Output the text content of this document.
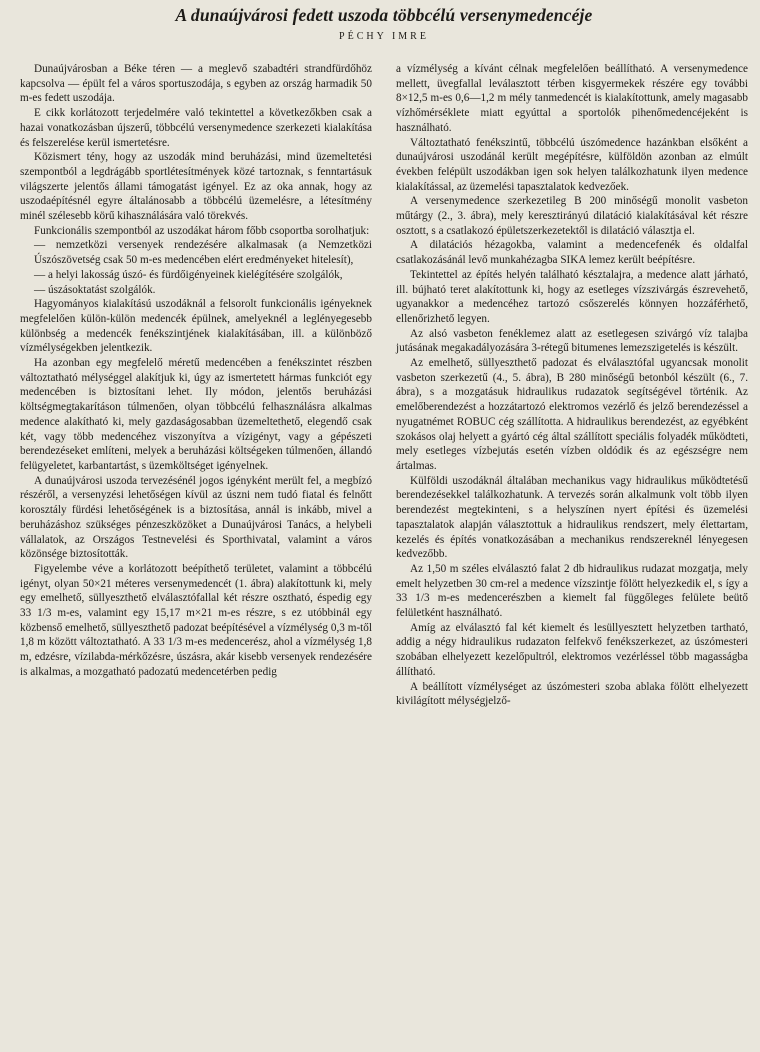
A dunaújvárosi fedett uszoda többcélú versenymedencéje
PÉCHY IMRE

Dunaújvárosban a Béke téren — a meglevő szabadtéri strandfürdőhöz kapcsolva — épült fel a város sportuszodája, s egyben az ország harmadik 50 m-es fedett uszodája.

E cikk korlátozott terjedelmére való tekintettel a következőkben csak a hazai vonatkozásban újszerű, többcélú versenymedence szerkezeti kialakítása és felszerelése kerül ismertetésre.

Közismert tény, hogy az uszodák mind beruházási, mind üzemeltetési szempontból a legdrágább sportlétesítmények közé tartoznak, s fenntartásuk világszerte jelentős állami támogatást igényel. Ez az oka annak, hogy az uszodaépítésnél egyre általánosabb a többcélú üzemelésre, a létesítmény minél szélesebb körű kihasználására való törekvés.

Funkcionális szempontból az uszodákat három főbb csoportba sorolhatjuk:

— nemzetközi versenyek rendezésére alkalmasak (a Nemzetközi Úszószövetség csak 50 m-es medencében elért eredményeket hitelesít),

— a helyi lakosság úszó- és fürdőigényeinek kielégítésére szolgálók,

— úszásoktatást szolgálók.

Hagyományos kialakítású uszodáknál a felsorolt funkcionális igényeknek megfelelően külön-külön medencék épülnek, amelyeknél a leglényegesebb különbség a medencék fenékszintjének kialakításában, ill. a különböző vízmélységekben jelentkezik.

Ha azonban egy megfelelő méretű medencében a fenékszintet részben változtatható mélységgel alakítjuk ki, úgy az ismertetett hármas funkciót egy medencében is biztosítani lehet. Ily módon, jelentős beruházási költségmegtakarításon túlmenően, olyan többcélú felhasználásra alkalmas medence alakítható ki, mely gazdaságosabban üzemeltethető, elegendő csak két, vagy több medencéhez viszonyítva a vízigényt, vagy a gépészeti berendezéseket említeni, melyek a beruházási költségeken túlmenően, állandó felügyeletet, karbantartást, s üzemköltséget igényelnek.

A dunaújvárosi uszoda tervezésénél jogos igényként merült fel, a megbízó részéről, a versenyzési lehetőségen kívül az úszni nem tudó fiatal és felnőtt korosztály fürdési lehetőségének is a biztosítása, annál is inkább, mivel a beruházáshoz szükséges pénzeszközöket a Dunaújvárosi Tanács, a helybeli vállalatok, az Országos Testnevelési és Sporthivatal, valamint a város közönsége biztosították.

Figyelembe véve a korlátozott beépíthető területet, valamint a többcélú igényt, olyan 50×21 méteres versenymedencét (1. ábra) alakítottunk ki, mely egy emelhető, süllyeszthető elválasztófallal két részre osztható, éspedig egy 33 1/3 m-es, valamint egy 15,17 m×21 m-es részre, s ez utóbbinál egy közbenső emelhető, süllyeszthető padozat beépítésével a vízmélység 0,3 m-től 1,8 m között változtatható. A 33 1/3 m-es medencerész, ahol a vízmélység 1,8 m, edzésre, vízilabda-mérkőzésre, úszásra, akár kisebb versenyek rendezésére is alkalmas, a mozgatható padozatú medencetérben pedig

a vízmélység a kívánt célnak megfelelően beállítható. A versenymedence mellett, üvegfallal leválasztott térben kisgyermekek részére egy további 8×12,5 m-es 0,6—1,2 m mély tanmedencét is kialakítottunk, amely magasabb vízhőmérséklete miatt egyúttal a sportolók pihenőmedencéjeként is használható.

Változtatható fenékszintű, többcélú úszómedence hazánkban elsőként a dunaújvárosi uszodánál került megépítésre, külföldön azonban az elmúlt években felépült uszodákban igen sok helyen találkozhatunk ilyen medence kialakítással, az üzemelési tapasztalatok kedvezőek.

A versenymedence szerkezetileg B 200 minőségű monolit vasbeton műtárgy (2., 3. ábra), mely keresztirányú dilatáció kialakításával két részre osztott, s a csatlakozó épületszerkezetektől is dilatáció választja el.

A dilatációs hézagokba, valamint a medencefenék és oldalfal csatlakozásánál levő munkahézagba SIKA lemez került beépítésre.

Tekintettel az építés helyén található késztalajra, a medence alatt járható, ill. bújható teret alakítottunk ki, hogy az esetleges vízszivárgás észrevehető, ugyanakkor a medencéhez tartozó csőszerelés könnyen hozzáférhető, ellenőrizhető legyen.

Az alsó vasbeton fenéklemez alatt az esetlegesen szivárgó víz talajba jutásának megakadályozására 3-rétegű bitumenes lemezszigetelés is készült.

Az emelhető, süllyeszthető padozat és elválasztófal ugyancsak monolit vasbeton szerkezetű (4., 5. ábra), B 280 minőségű betonból készült (6., 7. ábra), s a mozgatásuk hidraulikus rudazatok segítségével történik. Az emelőberendezést a hozzátartozó elektromos vezérlő és jelző berendezéssel a nyugatnémet ROBUC cég szállította. A hidraulikus berendezést, az egyébként szokásos olaj helyett a gyártó cég által szállított speciális folyadék működteti, mely esetleges vízbejutás esetén vízben oldódik és az egészségre nem ártalmas.

Külföldi uszodáknál általában mechanikus vagy hidraulikus működtetésű berendezésekkel találkozhatunk. A tervezés során alkalmunk volt több ilyen berendezést megtekinteni, s a helyszínen nyert építési és üzemelési tapasztalatok alapján választottuk a hidraulikus rendszert, mely élettartam, kezelés és építés vonatkozásában a mechanikus rendszereknél lényegesen kedvezőbb.

Az 1,50 m széles elválasztó falat 2 db hidraulikus rudazat mozgatja, mely emelt helyzetben 30 cm-rel a medence vízszintje fölött helyezkedik el, s így a 33 1/3 m-es medencerészben a kiemelt fal függőleges felülete beütő felületként használható.

Amíg az elválasztó fal két kiemelt és lesüllyesztett helyzetben tartható, addig a négy hidraulikus rudazaton felfekvő fenékszerkezet, az úszómesteri szobában elhelyezett kezelőpultról, elektromos vezérléssel több magasságba állítható.

A beállított vízmélységet az úszómesteri szoba ablaka fölött elhelyezett kivilágított mélységjelző-
